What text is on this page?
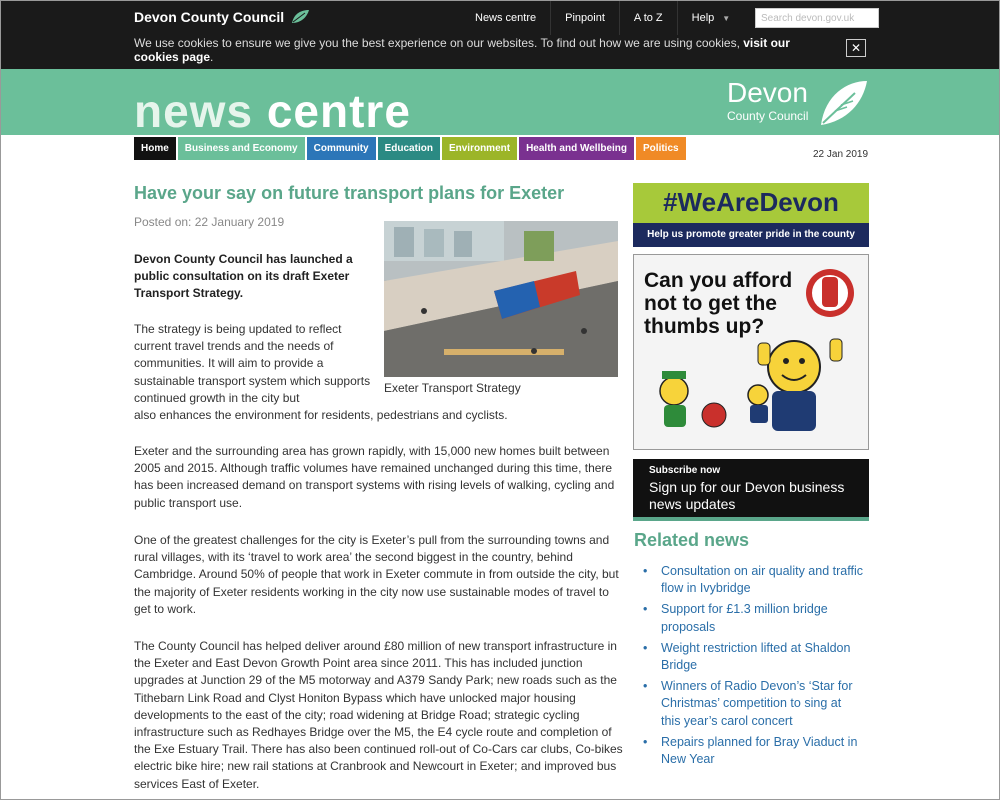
Devon County Council	News centre	Pinpoint	A to Z	Help ▼
Search devon.gov.uk
We use cookies to ensure we give you the best experience on our websites. To find out how we are using cookies, visit our cookies page.
✕
news centre	Devon
County Council
Home	Business and Economy	Community	Education	Environment	Health and Wellbeing	Politics
22 Jan 2019
Have your say on future transport plans for Exeter
Posted on: 22 January 2019
Exeter Transport Strategy

Devon County Council has launched a public consultation on its draft Exeter Transport Strategy.

The strategy is being updated to reflect current travel trends and the needs of communities. It will aim to provide a sustainable transport system which supports continued growth in the city but

also enhances the environment for residents, pedestrians and cyclists.

Exeter and the surrounding area has grown rapidly, with 15,000 new homes built between 2005 and 2015. Although traffic volumes have remained unchanged during this time, there has been increased demand on transport systems with rising levels of walking, cycling and public transport use.

One of the greatest challenges for the city is Exeter’s pull from the surrounding towns and rural villages, with its ‘travel to work area’ the second biggest in the country, behind Cambridge. Around 50% of people that work in Exeter commute in from outside the city, but the majority of Exeter residents working in the city now use sustainable modes of travel to get to work.

The County Council has helped deliver around £80 million of new transport infrastructure in the Exeter and East Devon Growth Point area since 2011. This has included junction upgrades at Junction 29 of the M5 motorway and A379 Sandy Park; new roads such as the Tithebarn Link Road and Clyst Honiton Bypass which have unlocked major housing developments to the east of the city; road widening at Bridge Road; strategic cycling infrastructure such as Redhayes Bridge over the M5, the E4 cycle route and completion of the Exe Estuary Trail. There has also been continued roll-out of Co-Cars car clubs, Co-bikes electric bike hire; new rail stations at Cranbrook and Newcourt in Exeter; and improved bus services East of Exeter.

#WeAreDevon
Help us promote greater pride in the county
Can you afford not to get the thumbs up?
Subscribe now
Sign up for our Devon business news updates
Related news
• Consultation on air quality and traffic flow in Ivybridge
• Support for £1.3 million bridge proposals
• Weight restriction lifted at Shaldon Bridge
• Winners of Radio Devon’s ‘Star for Christmas’ competition to sing at this year’s carol concert
• Repairs planned for Bray Viaduct in New Year
